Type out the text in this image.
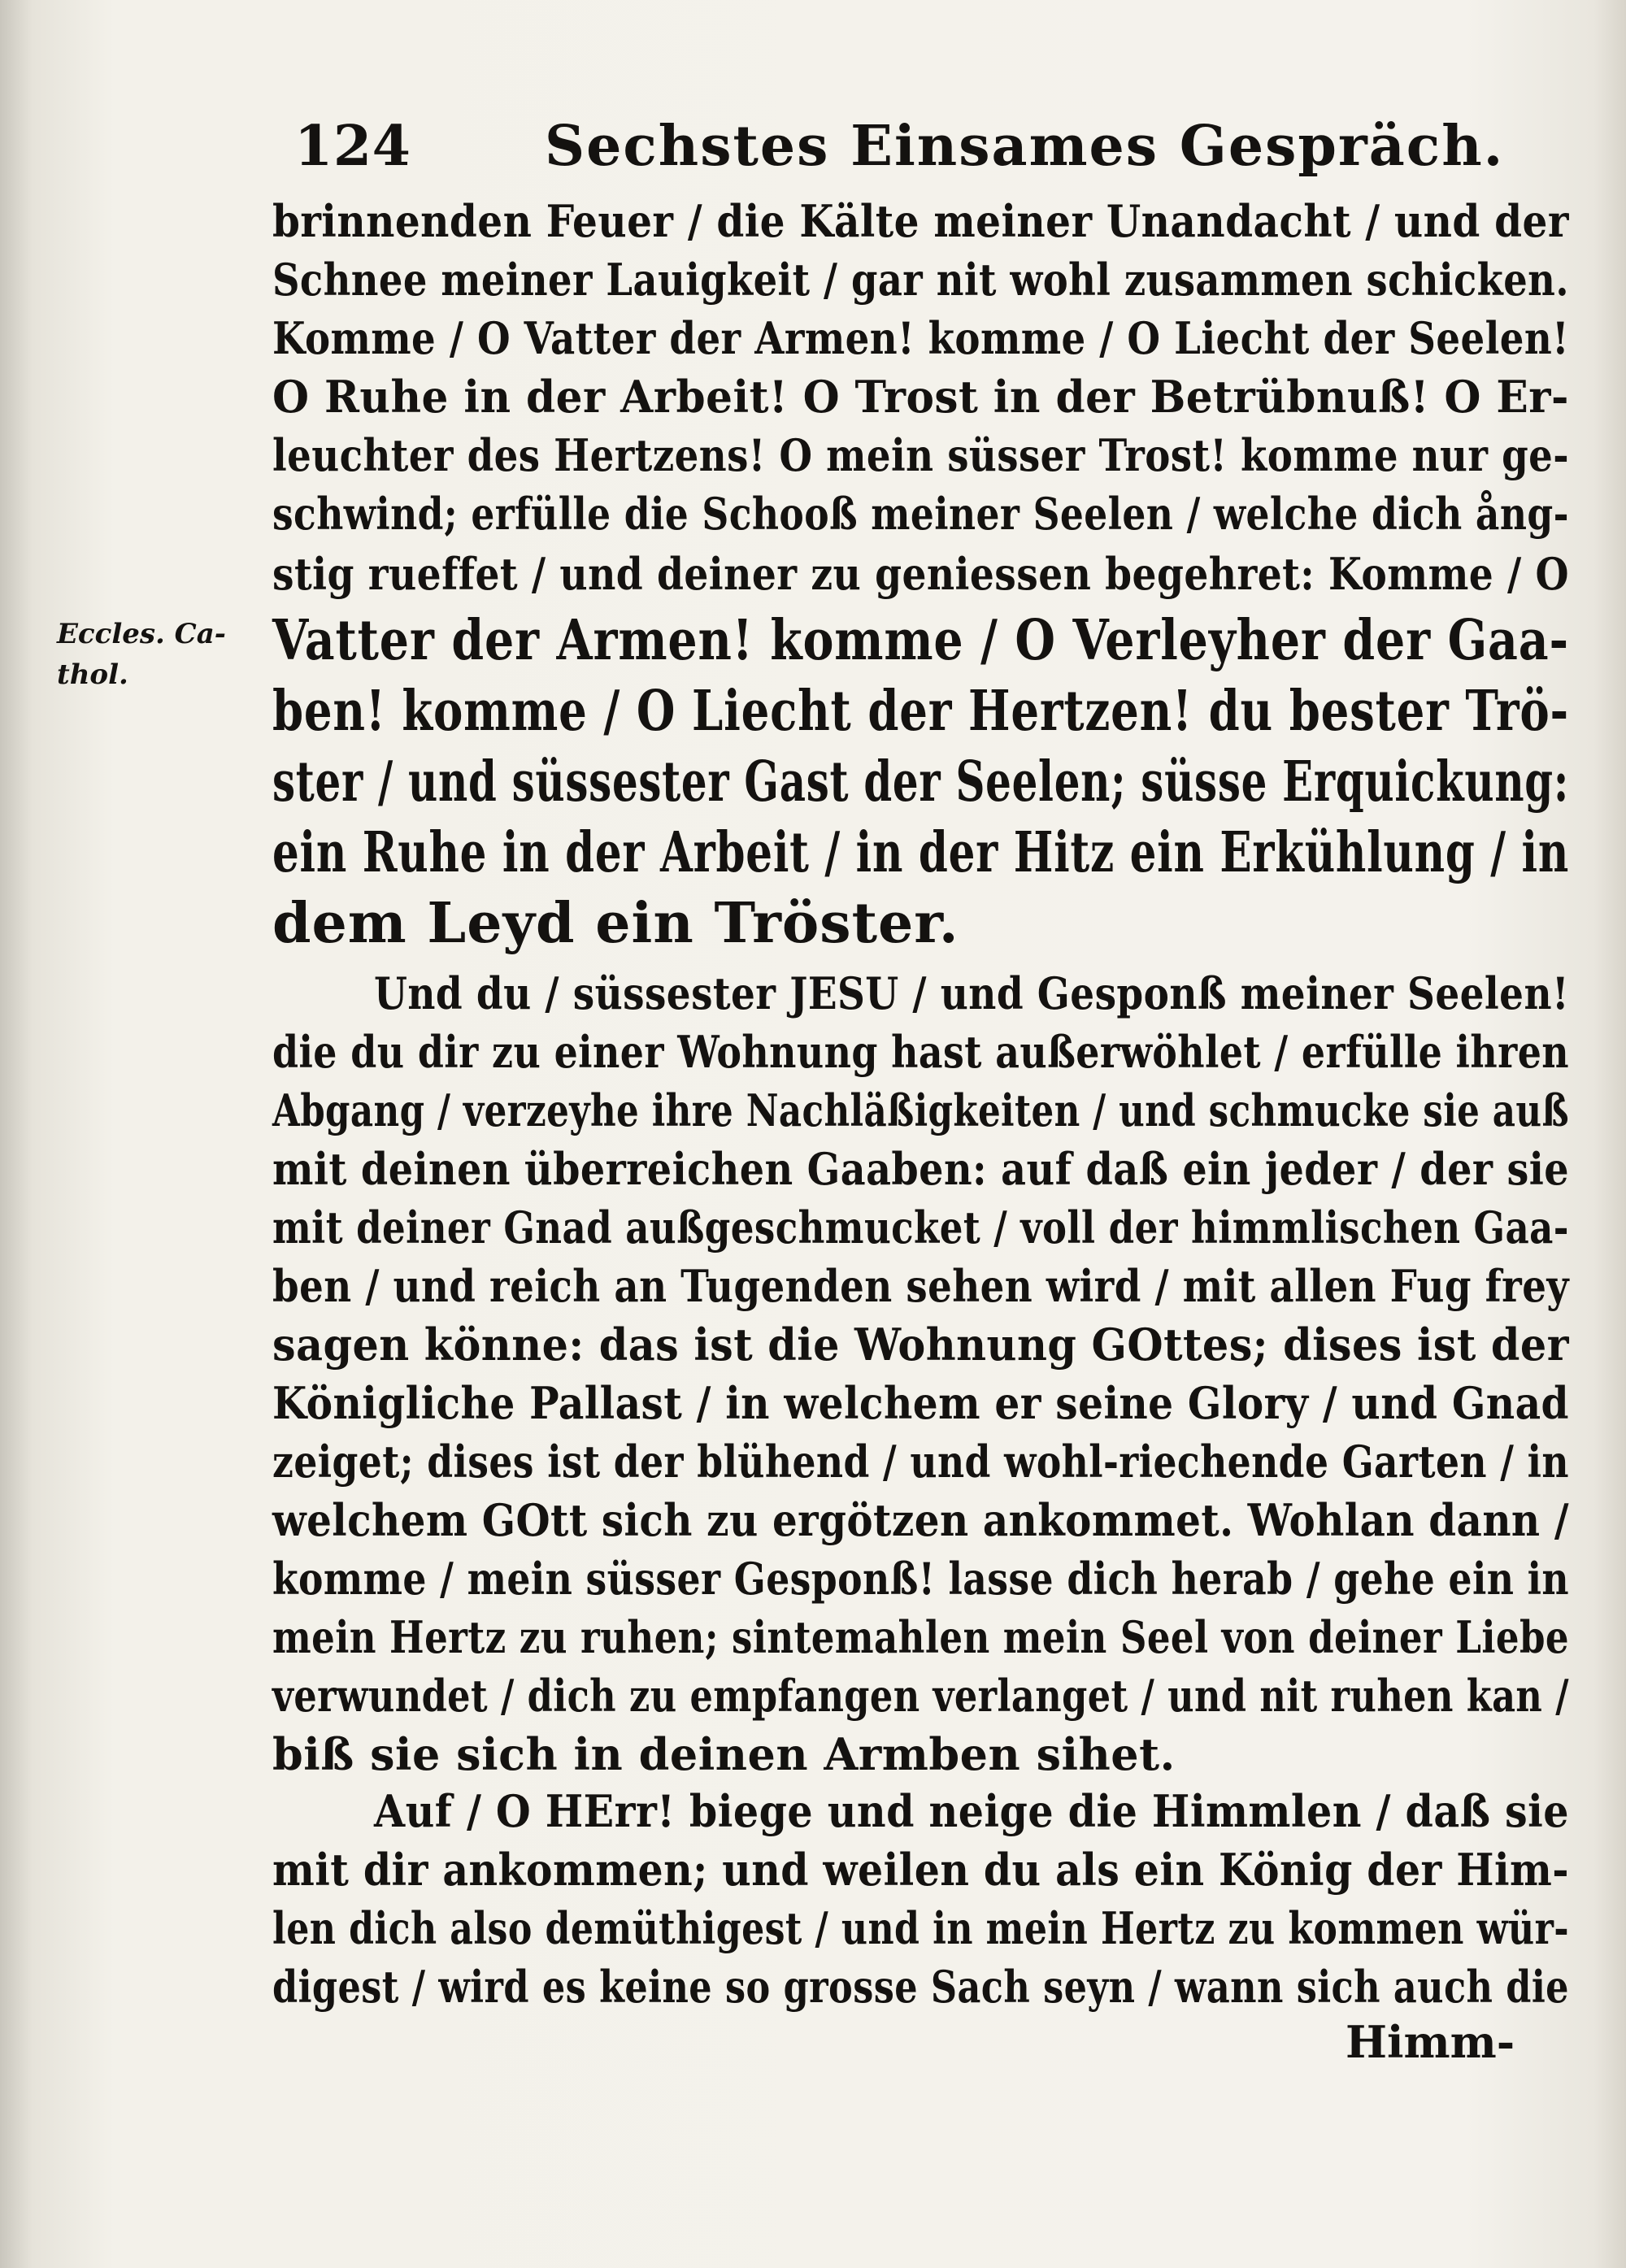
124 Sechstes Einsames Gespräch.
Eccles. Ca-
thol.
brinnenden Feuer / die Kälte meiner Unandacht / und der
Schnee meiner Lauigkeit / gar nit wohl zusammen schicken.
Komme / O Vatter der Armen! komme / O Liecht der Seelen!
O Ruhe in der Arbeit! O Trost in der Betrübnuß! O Er-
leuchter des Hertzens! O mein süsser Trost! komme nur ge-
schwind; erfülle die Schooß meiner Seelen / welche dich ång-
stig rueffet / und deiner zu geniessen begehret: Komme / O
Vatter der Armen! komme / O Verleyher der Gaa-
ben! komme / O Liecht der Hertzen! du bester Trö-
ster / und süssester Gast der Seelen; süsse Erquickung:
ein Ruhe in der Arbeit / in der Hitz ein Erkühlung / in
dem Leyd ein Tröster.
Und du / süssester JESU / und Gesponß meiner Seelen!
die du dir zu einer Wohnung hast außerwöhlet / erfülle ihren
Abgang / verzeyhe ihre Nachläßigkeiten / und schmucke sie auß
mit deinen überreichen Gaaben: auf daß ein jeder / der sie
mit deiner Gnad außgeschmucket / voll der himmlischen Gaa-
ben / und reich an Tugenden sehen wird / mit allen Fug frey
sagen könne: das ist die Wohnung GOttes; dises ist der
Königliche Pallast / in welchem er seine Glory / und Gnad
zeiget; dises ist der blühend / und wohl-riechende Garten / in
welchem GOtt sich zu ergötzen ankommet. Wohlan dann /
komme / mein süsser Gesponß! lasse dich herab / gehe ein in
mein Hertz zu ruhen; sintemahlen mein Seel von deiner Liebe
verwundet / dich zu empfangen verlanget / und nit ruhen kan /
biß sie sich in deinen Armben sihet.
Auf / O HErr! biege und neige die Himmlen / daß sie
mit dir ankommen; und weilen du als ein König der Him-
len dich also demüthigest / und in mein Hertz zu kommen wür-
digest / wird es keine so grosse Sach seyn / wann sich auch die
Himm-
